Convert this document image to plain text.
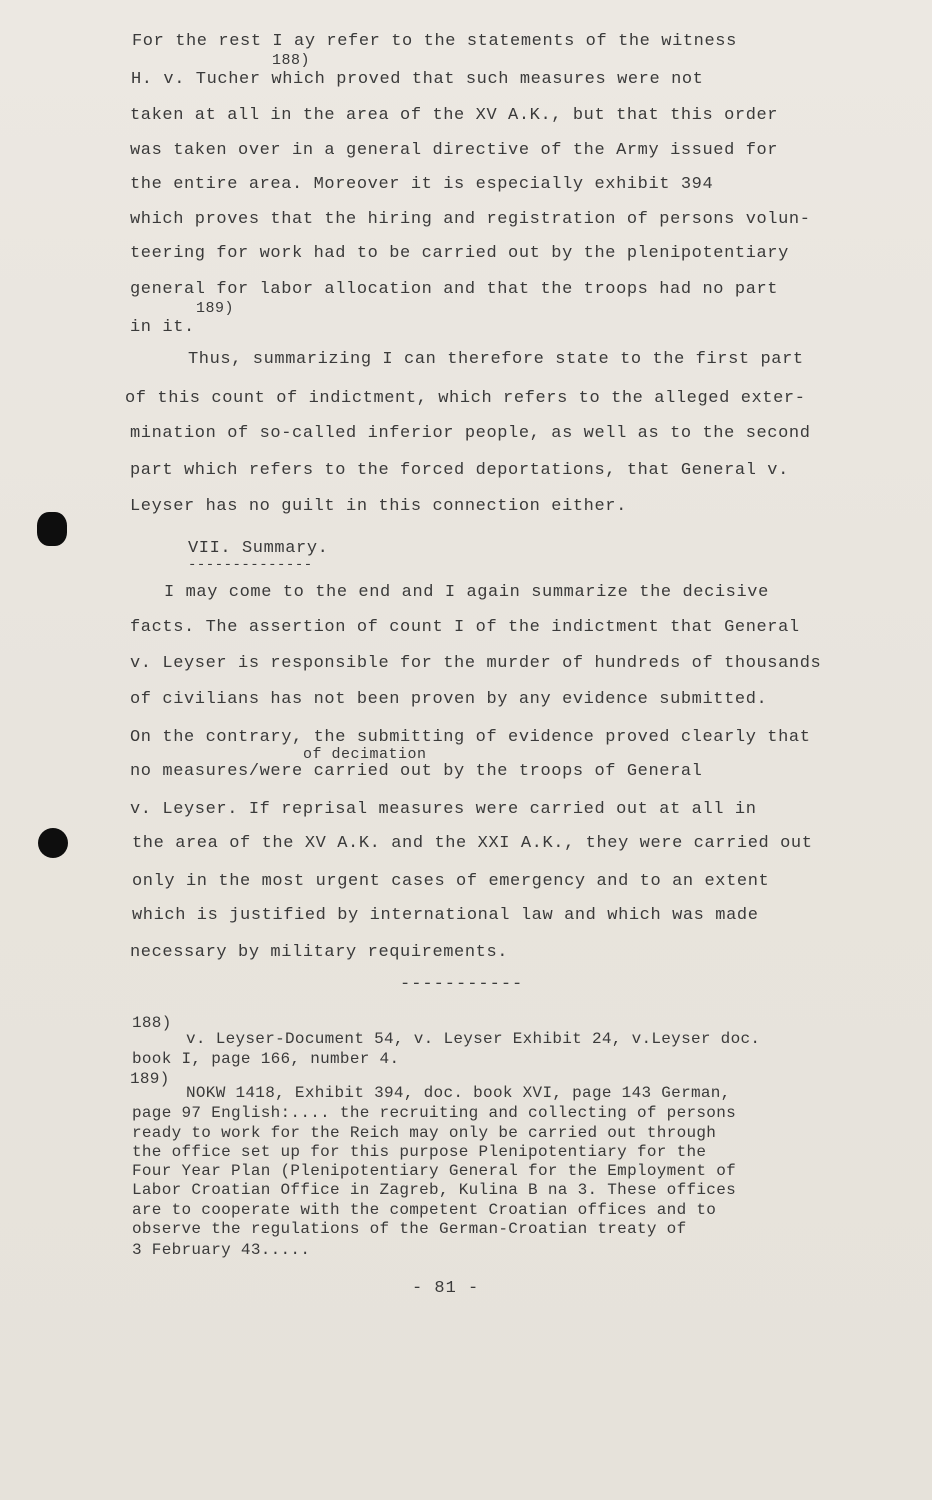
For the rest I ay refer to the statements of the witness
188)
H. v. Tucher which proved that such measures were not
taken at all in the area of the XV A.K., but that this order
was taken over in a general directive of the Army issued for
the entire area. Moreover it is especially exhibit 394
which proves that the hiring and registration of persons volun-
teering for work had to be carried out by the plenipotentiary
general for labor allocation and that the troops had no part
189)
in it.
Thus, summarizing I can therefore state to the first part
of this count of indictment, which refers to the alleged exter-
mination of so-called inferior people, as well as to the second
part which refers to the forced deportations, that General v.
Leyser has no guilt in this connection either.
VII. Summary.
--------------
I may come to the end and I again summarize the decisive
facts. The assertion of count I of the indictment that General
v. Leyser is responsible for the murder of hundreds of thousands
of civilians has not been proven by any evidence submitted.
On the contrary, the submitting of evidence proved clearly that
of decimation
no measures/were carried out by the troops of General
v. Leyser. If reprisal measures were carried out at all in
the area of the XV A.K. and the XXI A.K., they were carried out
only in the most urgent cases of emergency and to an extent
which is justified by international law and which was made
necessary by military requirements.
-----------
188)
v. Leyser-Document 54, v. Leyser Exhibit 24, v.Leyser doc.
book I, page 166, number 4.
189)
NOKW 1418, Exhibit 394, doc. book XVI, page 143 German,
page 97 English:.... the recruiting and collecting of persons
ready to work for the Reich may only be carried out through
the office set up for this purpose Plenipotentiary for the
Four Year Plan (Plenipotentiary General for the Employment of
Labor Croatian Office in Zagreb, Kulina B na 3. These offices
are to cooperate with the competent Croatian offices and to
observe the regulations of the German-Croatian treaty of
3 February 43.....
- 81 -
